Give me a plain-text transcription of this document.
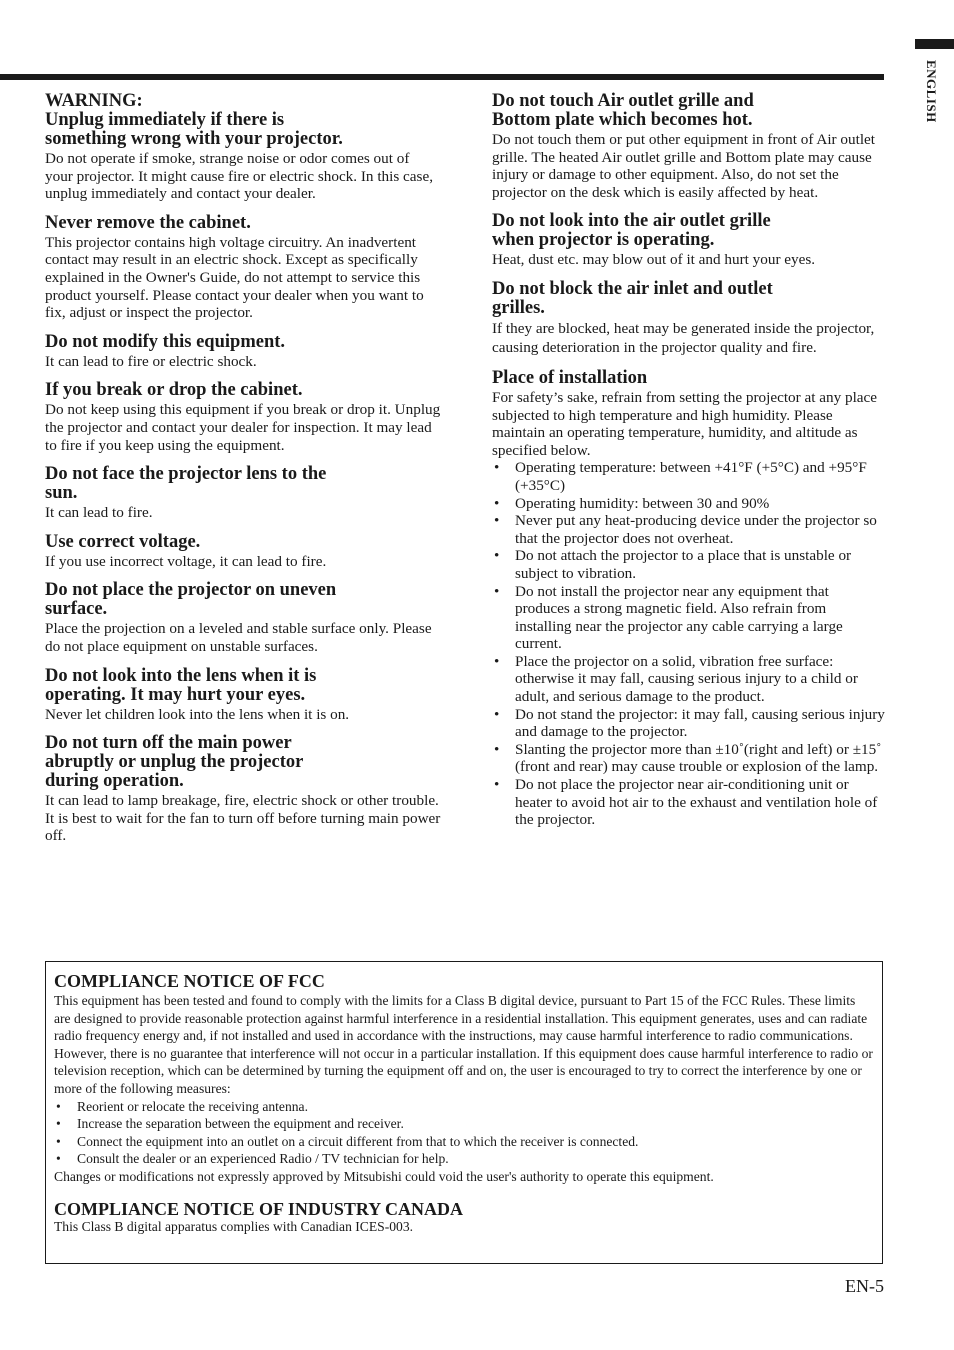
ENGLISH
WARNING:
Unplug immediately if there is
something wrong with your projector.

Do not operate if smoke, strange noise or odor comes out of your projector. It might cause fire or electric shock. In this case, unplug immediately and contact your dealer.

Never remove the cabinet.

This projector contains high voltage circuitry. An inadvertent contact may result in an electric shock. Except as specifically explained in the Owner's Guide, do not attempt to service this product yourself. Please contact your dealer when you want to fix, adjust or inspect the projector.

Do not modify this equipment.

It can lead to fire or electric shock.

If you break or drop the cabinet.

Do not keep using this equipment if you break or drop it. Unplug the projector and contact your dealer for inspection. It may lead to fire if you keep using the equipment.

Do not face the projector lens to the
sun.

It can lead to fire.

Use correct voltage.

If you use incorrect voltage, it can lead to fire.

Do not place the projector on uneven
surface.

Place the projection on a leveled and stable surface only. Please do not place equipment on unstable surfaces.

Do not look into the lens when it is
operating. It may hurt your eyes.

Never let children look into the lens when it is on.

Do not turn off the main power
abruptly or unplug the projector
during operation.

It can lead to lamp breakage, fire, electric shock or other trouble. It is best to wait for the fan to turn off before turning main power off.

Do not touch Air outlet grille and
Bottom plate which becomes hot.

Do not touch them or put other equipment in front of Air outlet grille. The heated Air outlet grille and Bottom plate may cause injury or damage to other equipment. Also, do not set the projector on the desk which is easily affected by heat.

Do not look into the air outlet grille
when projector is operating.

Heat, dust etc. may blow out of it and hurt your eyes.

Do not block the air inlet and outlet
grilles.

If they are blocked, heat may be generated inside the projector, causing deterioration in the projector quality and fire.

Place of installation

For safety’s sake, refrain from setting the projector at any place subjected to high temperature and high humidity. Please maintain an operating temperature, humidity, and altitude as specified below.

• Operating temperature: between +41°F (+5°C) and +95°F (+35°C)
• Operating humidity: between 30 and 90%
• Never put any heat-producing device under the projector so that the projector does not overheat.
• Do not attach the projector to a place that is unstable or subject to vibration.
• Do not install the projector near any equipment that produces a strong magnetic field. Also refrain from installing near the projector any cable carrying a large current.
• Place the projector on a solid, vibration free surface: otherwise it may fall, causing serious injury to a child or adult, and serious damage to the product.
• Do not stand the projector: it may fall, causing serious injury and damage to the projector.
• Slanting the projector more than ±10˚(right and left) or ±15˚ (front and rear) may cause trouble or explosion of the lamp.
• Do not place the projector near air-conditioning unit or heater to avoid hot air to the exhaust and ventilation hole of the projector.
COMPLIANCE NOTICE OF FCC

This equipment has been tested and found to comply with the limits for a Class B digital device, pursuant to Part 15 of the FCC Rules. These limits are designed to provide reasonable protection against harmful interference in a residential installation. This equipment generates, uses and can radiate radio frequency energy and, if not installed and used in accordance with the instructions, may cause harmful interference to radio communications. However, there is no guarantee that interference will not occur in a particular installation. If this equipment does cause harmful interference to radio or television reception, which can be determined by turning the equipment off and on, the user is encouraged to try to correct the interference by one or more of the following measures:

• Reorient or relocate the receiving antenna.
• Increase the separation between the equipment and receiver.
• Connect the equipment into an outlet on a circuit different from that to which the receiver is connected.
• Consult the dealer or an experienced Radio / TV technician for help.

Changes or modifications not expressly approved by Mitsubishi could void the user's authority to operate this equipment.

COMPLIANCE NOTICE OF INDUSTRY CANADA

This Class B digital apparatus complies with Canadian ICES-003.

EN-5
